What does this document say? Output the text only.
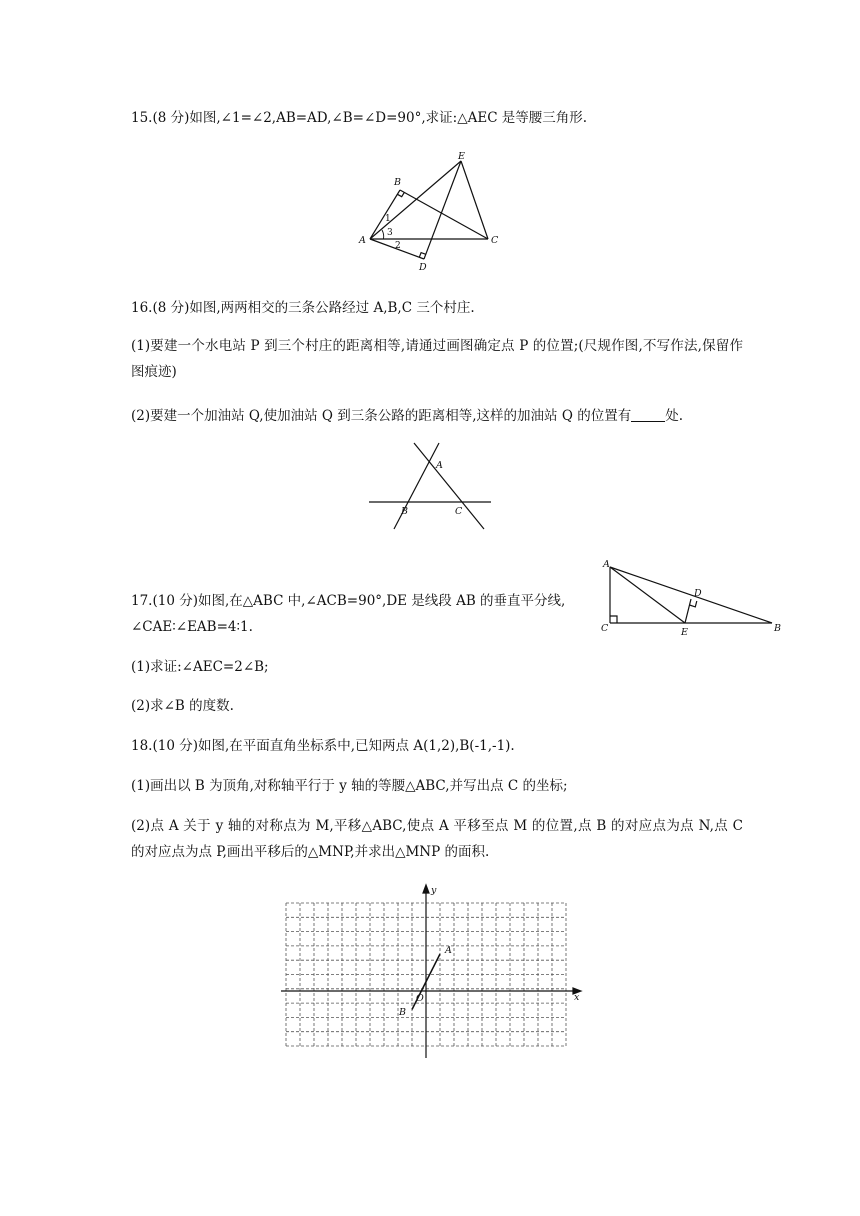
15.(8 分)如图,∠1=∠2,AB=AD,∠B=∠D=90°,求证:△AEC 是等腰三角形.
E
B
A	C
D
1
3
2
16.(8 分)如图,两两相交的三条公路经过 A,B,C 三个村庄.
(1)要建一个水电站 P 到三个村庄的距离相等,请通过画图确定点 P 的位置;(尺规作图,不写作法,保留作图痕迹)
(2)要建一个加油站 Q,使加油站 Q 到三条公路的距离相等,这样的加油站 Q 的位置有	处.
A
B	C
17.(10 分)如图,在△ABC 中,∠ACB=90°,DE 是线段 AB 的垂直平分线,
∠CAE∶∠EAB=4∶1.
(1)求证:∠AEC=2∠B;
(2)求∠B 的度数.
A
C
D
E	B
18.(10 分)如图,在平面直角坐标系中,已知两点 A(1,2),B(-1,-1).
(1)画出以 B 为顶角,对称轴平行于 y 轴的等腰△ABC,并写出点 C 的坐标;
(2)点 A 关于 y 轴的对称点为 M,平移△ABC,使点 A 平移至点 M 的位置,点 B 的对应点为点 N,点 C 的对应点为点 P,画出平移后的△MNP,并求出△MNP 的面积.
y
x
O
A
B
